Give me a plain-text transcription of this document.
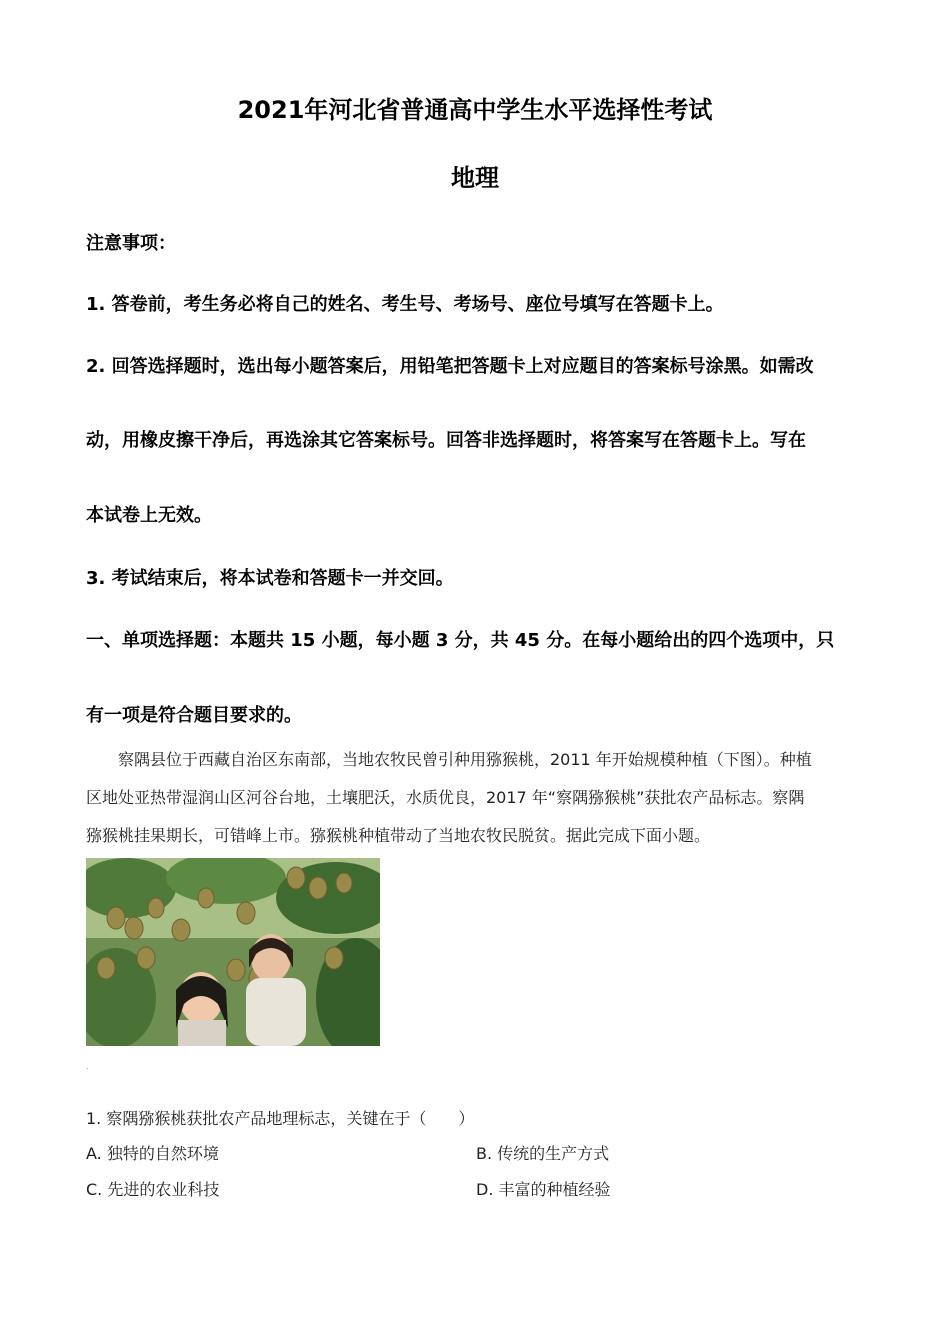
2021年河北省普通高中学生水平选择性考试
地理
注意事项：
1. 答卷前，考生务必将自己的姓名、考生号、考场号、座位号填写在答题卡上。
2. 回答选择题时，选出每小题答案后，用铅笔把答题卡上对应题目的答案标号涂黑。如需改
动，用橡皮擦干净后，再选涂其它答案标号。回答非选择题时，将答案写在答题卡上。写在
本试卷上无效。
3. 考试结束后，将本试卷和答题卡一并交回。
一、单项选择题：本题共 15 小题，每小题 3 分，共 45 分。在每小题给出的四个选项中，只
有一项是符合题目要求的。
察隅县位于西藏自治区东南部，当地农牧民曾引种用猕猴桃，2011 年开始规模种植（下图）。种植
区地处亚热带湿润山区河谷台地，土壤肥沃，水质优良，2017 年“察隅猕猴桃”获批农产品标志。察隅
猕猴桃挂果期长，可错峰上市。猕猴桃种植带动了当地农牧民脱贫。据此完成下面小题。
.
1. 察隅猕猴桃获批农产品地理标志，关键在于（　　）
A. 独特的自然环境	B. 传统的生产方式
C. 先进的农业科技	D. 丰富的种植经验
